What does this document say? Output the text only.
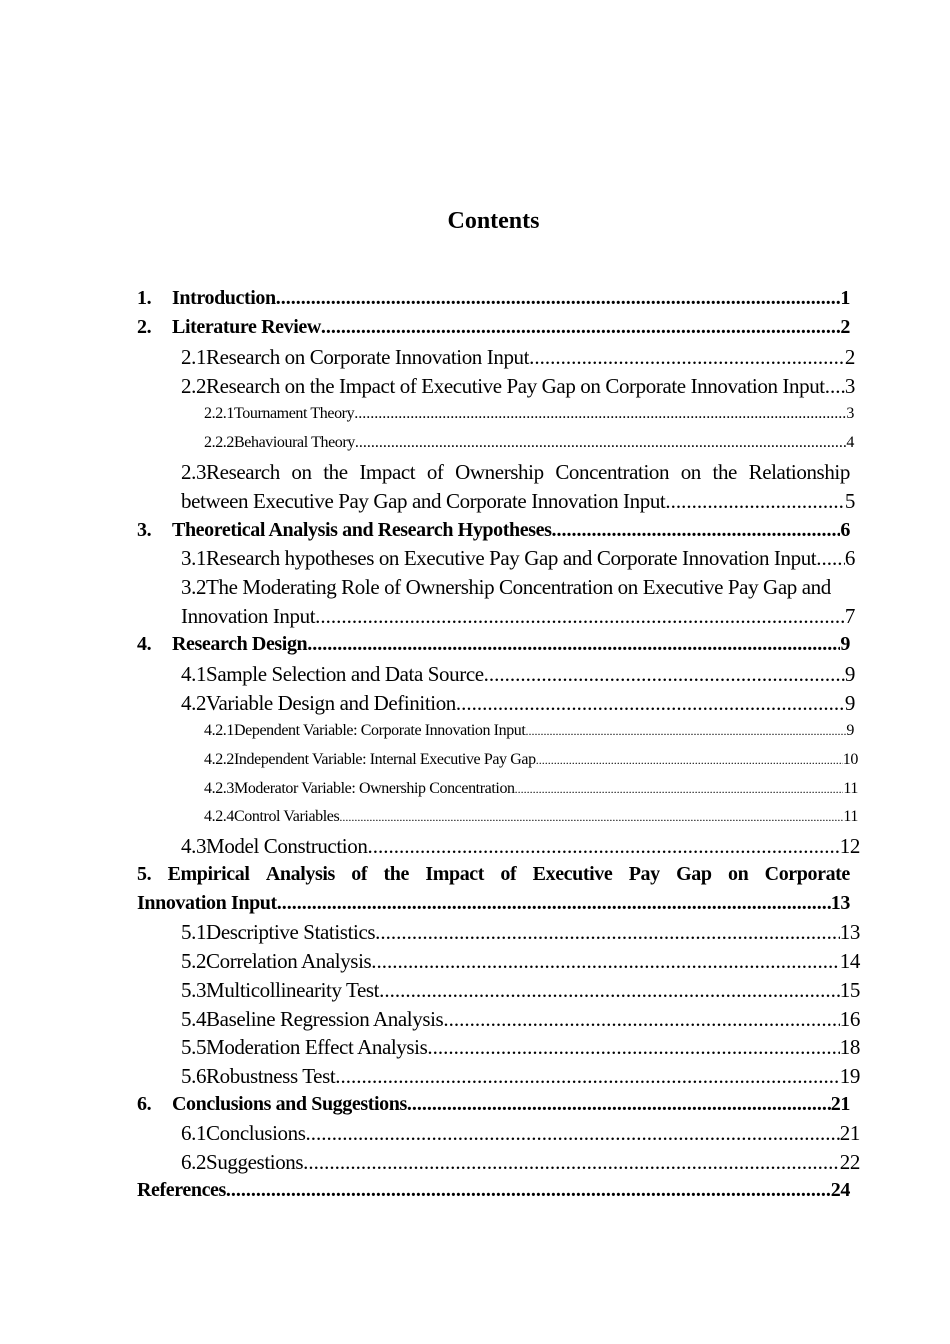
Contents
1. Introduction .....	1
2. Literature Review .....	2
2.1Research on Corporate Innovation Input .....	2
2.2Research on the Impact of Executive Pay Gap on Corporate Innovation Input ..... 3
2.2.1Tournament Theory .....	3
2.2.2Behavioural Theory .....	4
2.3Research on the Impact of Ownership Concentration on the Relationship
between Executive Pay Gap and Corporate Innovation Input .....	5
3. Theoretical Analysis and Research Hypotheses .....	6
3.1Research hypotheses on Executive Pay Gap and Corporate Innovation Input ..... 6
3.2The Moderating Role of Ownership Concentration on Executive Pay Gap and
Innovation Input .....	7
4. Research Design .....	9
4.1Sample Selection and Data Source .....	9
4.2Variable Design and Definition .....	9
4.2.1Dependent Variable: Corporate Innovation Input .....	9
4.2.2Independent Variable: Internal Executive Pay Gap .....	10
4.2.3Moderator Variable: Ownership Concentration .....	11
4.2.4Control Variables .....	11
4.3Model Construction .....	12
5. Empirical Analysis of the Impact of Executive Pay Gap on Corporate
Innovation Input .....	13
5.1Descriptive Statistics .....	13
5.2Correlation Analysis .....	14
5.3Multicollinearity Test .....	15
5.4Baseline Regression Analysis .....	16
5.5Moderation Effect Analysis .....	18
5.6Robustness Test .....	19
6. Conclusions and Suggestions .....	21
6.1Conclusions .....	21
6.2Suggestions .....	22
References .....	24
